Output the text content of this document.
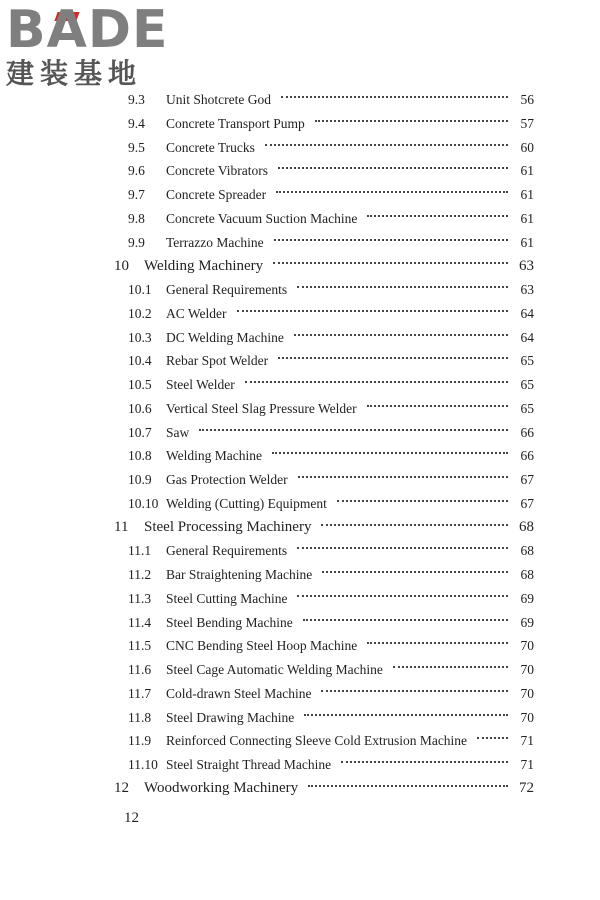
BADE
建装基地
9.3	Unit Shotcrete God	56
9.4	Concrete Transport Pump	57
9.5	Concrete Trucks	60
9.6	Concrete Vibrators	61
9.7	Concrete Spreader	61
9.8	Concrete Vacuum Suction Machine	61
9.9	Terrazzo Machine	61
10	Welding Machinery	63
10.1	General Requirements	63
10.2	AC Welder	64
10.3	DC Welding Machine	64
10.4	Rebar Spot Welder	65
10.5	Steel Welder	65
10.6	Vertical Steel Slag Pressure Welder	65
10.7	Saw	66
10.8	Welding Machine	66
10.9	Gas Protection Welder	67
10.10 Welding (Cutting) Equipment	67
11	Steel Processing Machinery	68
11.1	General Requirements	68
11.2	Bar Straightening Machine	68
11.3	Steel Cutting Machine	69
11.4	Steel Bending Machine	69
11.5	CNC Bending Steel Hoop Machine	70
11.6	Steel Cage Automatic Welding Machine	70
11.7	Cold-drawn Steel Machine	70
11.8	Steel Drawing Machine	70
11.9	Reinforced Connecting Sleeve Cold Extrusion Machine	71
11.10 Steel Straight Thread Machine	71
12	Woodworking Machinery	72
12
